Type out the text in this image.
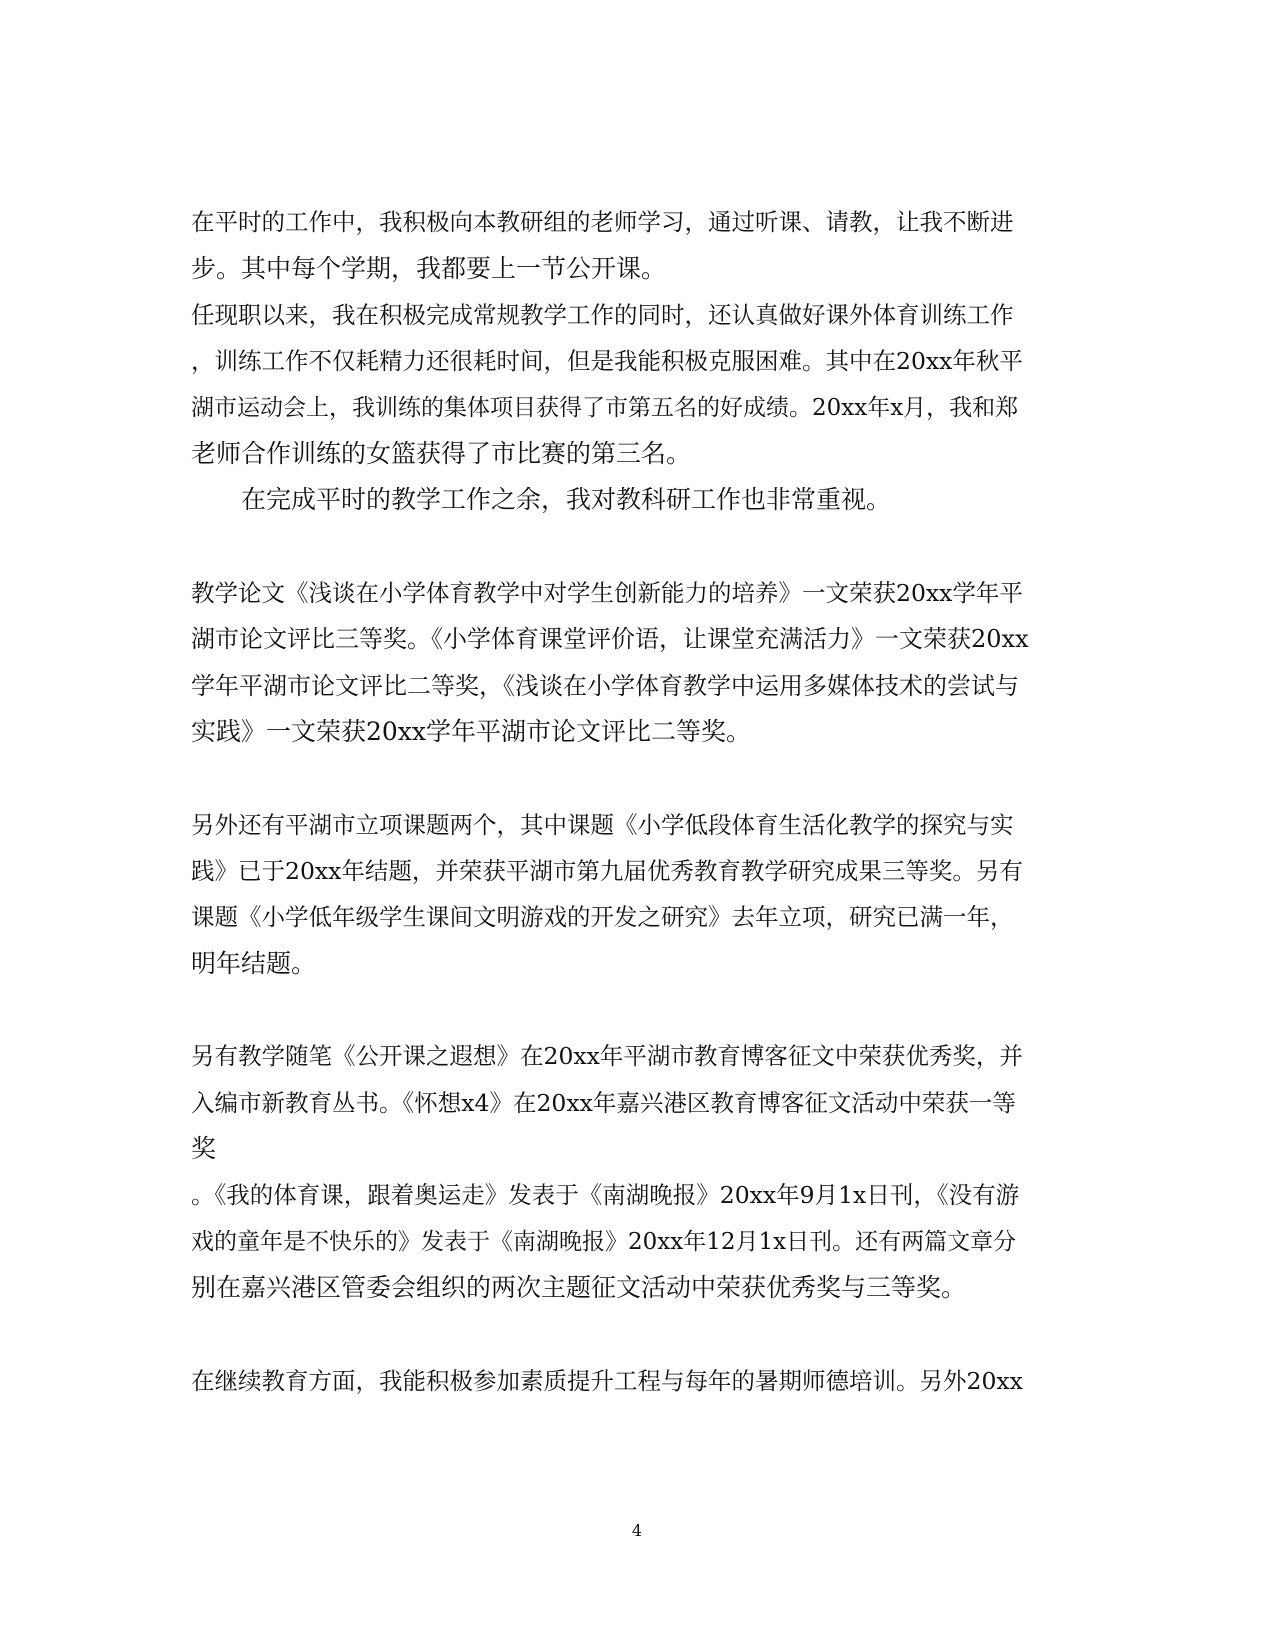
在平时的工作中，我积极向本教研组的老师学习，通过听课、请教，让我不断进
步。其中每个学期，我都要上一节公开课。
任现职以来，我在积极完成常规教学工作的同时，还认真做好课外体育训练工作
，训练工作不仅耗精力还很耗时间，但是我能积极克服困难。其中在20xx年秋平
湖市运动会上，我训练的集体项目获得了市第五名的好成绩。20xx年x月，我和郑
老师合作训练的女篮获得了市比赛的第三名。
在完成平时的教学工作之余，我对教科研工作也非常重视。
教学论文《浅谈在小学体育教学中对学生创新能力的培养》一文荣获20xx学年平
湖市论文评比三等奖。《小学体育课堂评价语，让课堂充满活力》一文荣获20xx
学年平湖市论文评比二等奖，《浅谈在小学体育教学中运用多媒体技术的尝试与
实践》一文荣获20xx学年平湖市论文评比二等奖。
另外还有平湖市立项课题两个，其中课题《小学低段体育生活化教学的探究与实
践》已于20xx年结题，并荣获平湖市第九届优秀教育教学研究成果三等奖。另有
课题《小学低年级学生课间文明游戏的开发之研究》去年立项，研究已满一年，
明年结题。
另有教学随笔《公开课之遐想》在20xx年平湖市教育博客征文中荣获优秀奖，并
入编市新教育丛书。《怀想x4》在20xx年嘉兴港区教育博客征文活动中荣获一等
奖
。《我的体育课，跟着奥运走》发表于《南湖晚报》20xx年9月1x日刊，《没有游
戏的童年是不快乐的》发表于《南湖晚报》20xx年12月1x日刊。还有两篇文章分
别在嘉兴港区管委会组织的两次主题征文活动中荣获优秀奖与三等奖。
在继续教育方面，我能积极参加素质提升工程与每年的暑期师德培训。另外20xx
4
